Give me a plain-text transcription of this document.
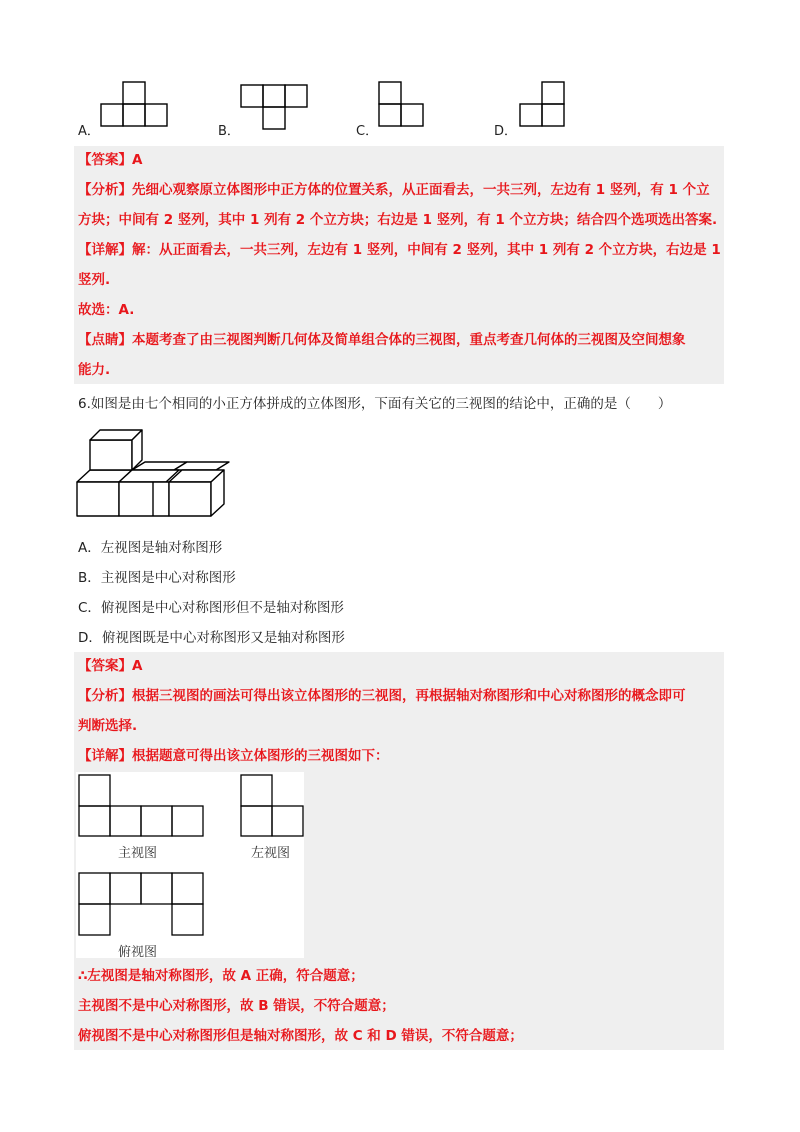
A．	B．	C．	D．
【答案】A
【分析】先细心观察原立体图形中正方体的位置关系，从正面看去，一共三列，左边有 1 竖列，有 1 个立
方块；中间有 2 竖列，其中 1 列有 2 个立方块；右边是 1 竖列，有 1 个立方块；结合四个选项选出答案.
【详解】解：从正面看去，一共三列，左边有 1 竖列，中间有 2 竖列，其中 1 列有 2 个立方块，右边是 1
竖列.
故选：A.
【点睛】本题考查了由三视图判断几何体及简单组合体的三视图，重点考查几何体的三视图及空间想象
能力.
6.如图是由七个相同的小正方体拼成的立体图形，下面有关它的三视图的结论中，正确的是（　　）
A．左视图是轴对称图形
B．主视图是中心对称图形
C．俯视图是中心对称图形但不是轴对称图形
D．俯视图既是中心对称图形又是轴对称图形
【答案】A
【分析】根据三视图的画法可得出该立体图形的三视图，再根据轴对称图形和中心对称图形的概念即可
判断选择.
【详解】根据题意可得出该立体图形的三视图如下：
主视图	左视图
俯视图
∴左视图是轴对称图形，故 A 正确，符合题意；
主视图不是中心对称图形，故 B 错误，不符合题意；
俯视图不是中心对称图形但是轴对称图形，故 C 和 D 错误，不符合题意；
